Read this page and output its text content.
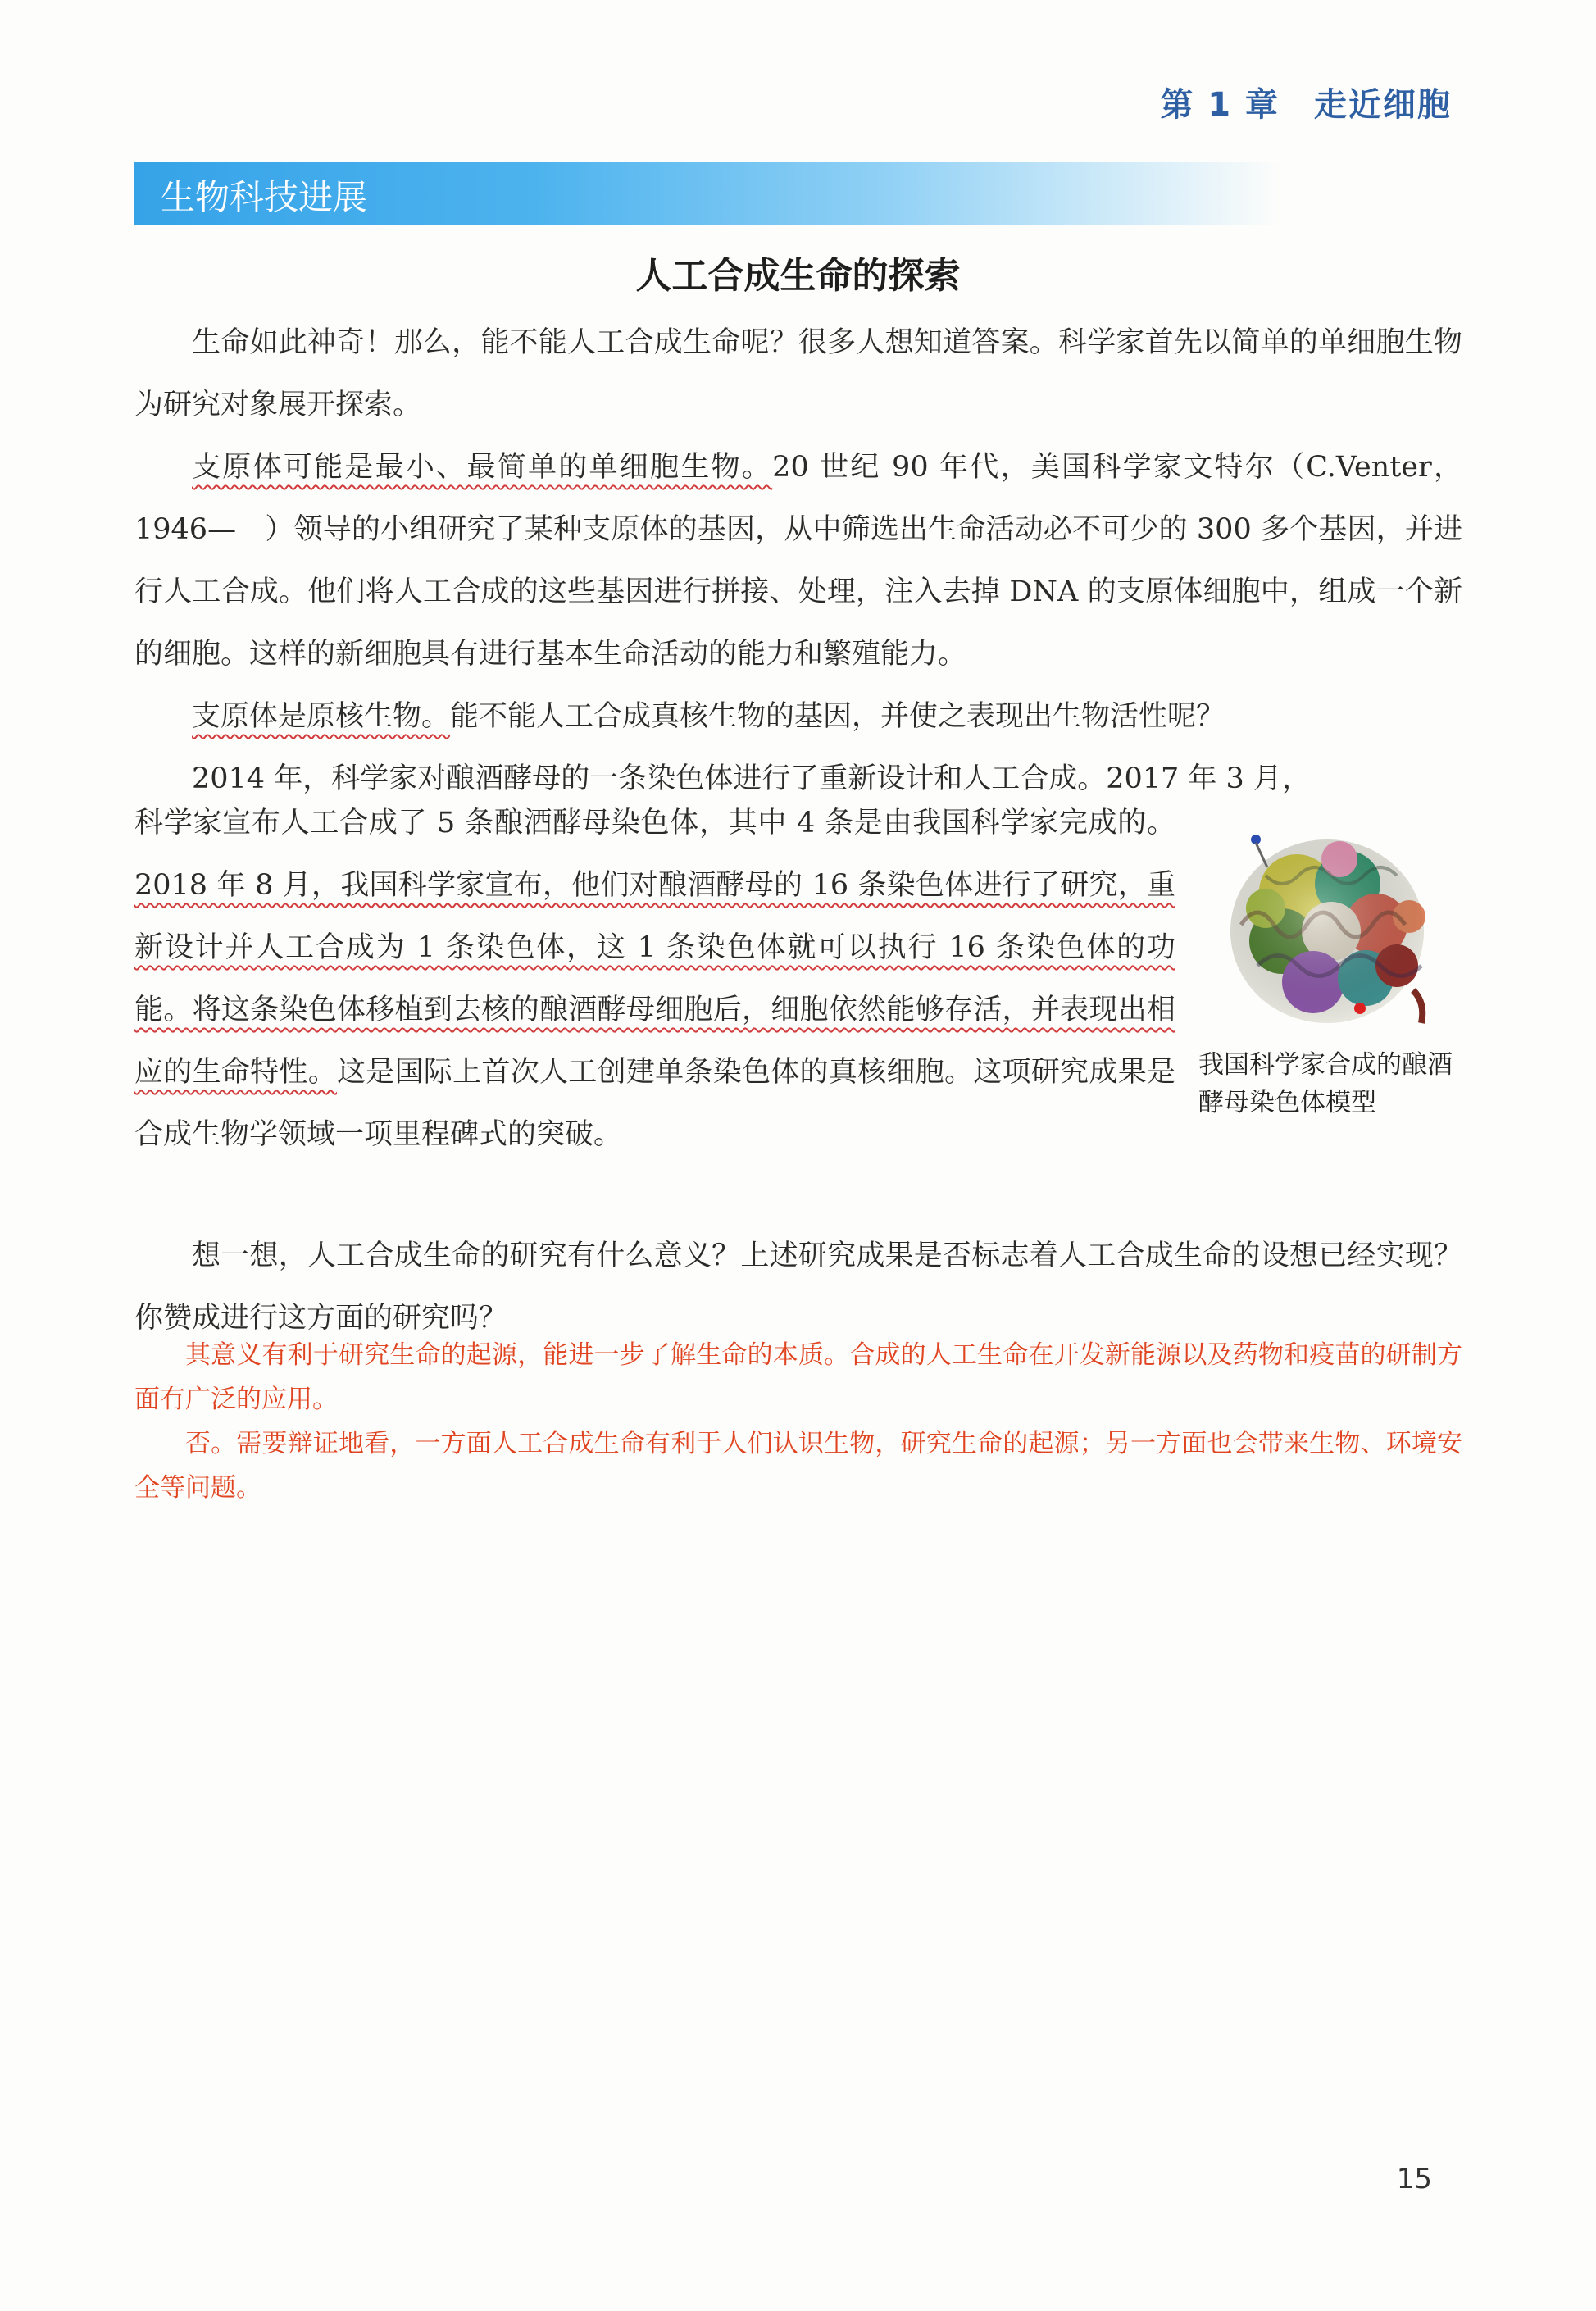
第 1 章　走近细胞
生物科技进展
人工合成生命的探索

生命如此神奇！那么，能不能人工合成生命呢？很多人想知道答案。科学家首先以简单的单细胞生物为研究对象展开探索。

支原体可能是最小、最简单的单细胞生物。20 世纪 90 年代，美国科学家文特尔（C.Venter，1946—　）领导的小组研究了某种支原体的基因，从中筛选出生命活动必不可少的 300 多个基因，并进行人工合成。他们将人工合成的这些基因进行拼接、处理，注入去掉 DNA 的支原体细胞中，组成一个新的细胞。这样的新细胞具有进行基本生命活动的能力和繁殖能力。

支原体是原核生物。能不能人工合成真核生物的基因，并使之表现出生物活性呢？

2014 年，科学家对酿酒酵母的一条染色体进行了重新设计和人工合成。2017 年 3 月，

科学家宣布人工合成了 5 条酿酒酵母染色体，其中 4 条是由我国科学家完成的。2018 年 8 月，我国科学家宣布，他们对酿酒酵母的 16 条染色体进行了研究，重新设计并人工合成为 1 条染色体，这 1 条染色体就可以执行 16 条染色体的功能。将这条染色体移植到去核的酿酒酵母细胞后，细胞依然能够存活，并表现出相应的生命特性。这是国际上首次人工创建单条染色体的真核细胞。这项研究成果是合成生物学领域一项里程碑式的突破。

我国科学家合成的酿酒酵母染色体模型

想一想，人工合成生命的研究有什么意义？上述研究成果是否标志着人工合成生命的设想已经实现？你赞成进行这方面的研究吗？

其意义有利于研究生命的起源，能进一步了解生命的本质。合成的人工生命在开发新能源以及药物和疫苗的研制方面有广泛的应用。

否。需要辩证地看，一方面人工合成生命有利于人们认识生物，研究生命的起源；另一方面也会带来生物、环境安全等问题。

15
